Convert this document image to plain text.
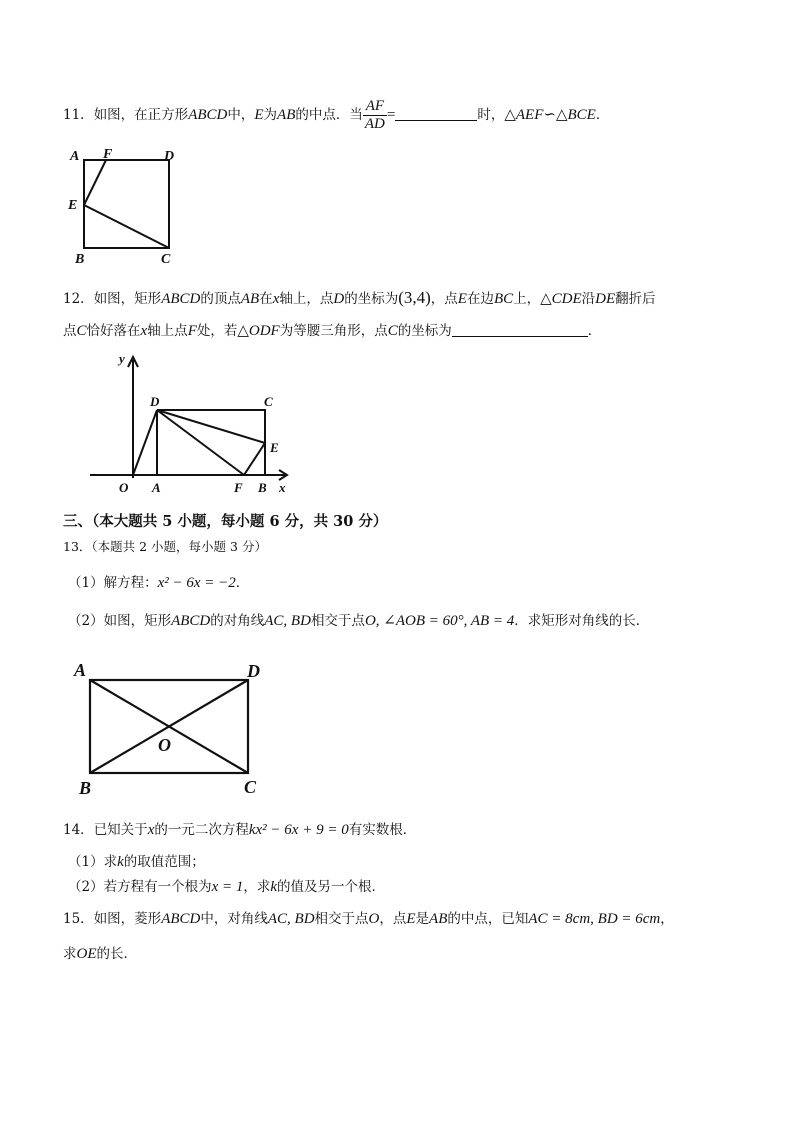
11．如图，在正方形ABCD中，E为AB的中点．当 $\frac{AF}{AD}$ =	时，△AEF∽△BCE．
A F	D
E
B	C
12．如图，矩形ABCD的顶点AB在x轴上，点D的坐标为(3,4)，点E在边BC上，△CDE沿DE翻折后
点C恰好落在x轴上点F处，若△ODF为等腰三角形，点C的坐标为	．
y
D	C
E
O A	F B x
三、（本大题共 5 小题，每小题 6 分，共 30 分）
13．（本题共 2 小题，每小题 3 分）
（1）解方程：x² − 6x = −2．
（2）如图，矩形ABCD的对角线AC, BD相交于点O, ∠AOB = 60°, AB = 4．求矩形对角线的长．
A	D
O
B	C
14．已知关于x的一元二次方程kx² − 6x + 9 = 0有实数根．
（1）求k的取值范围；
（2）若方程有一个根为x = 1，求k的值及另一个根．
15．如图，菱形ABCD中，对角线AC, BD相交于点O，点E是AB的中点，已知AC = 8cm, BD = 6cm，
求OE的长．
